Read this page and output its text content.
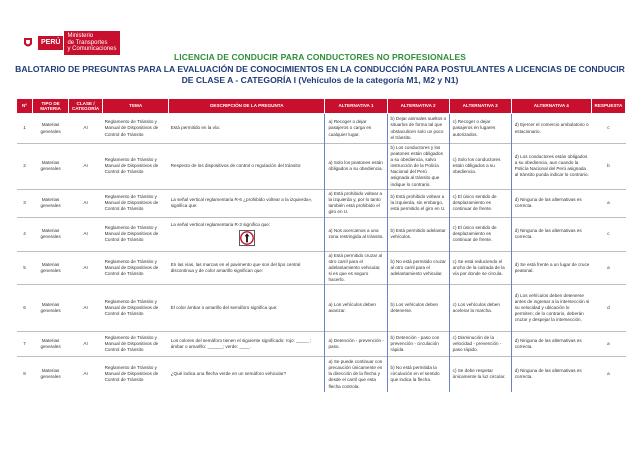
PERÚ
Ministerio
de Transportes
y Comunicaciones
LICENCIA DE CONDUCIR PARA CONDUCTORES NO PROFESIONALES
BALOTARIO DE PREGUNTAS PARA LA EVALUACIÓN DE CONOCIMIENTOS EN LA CONDUCCIÓN PARA POSTULANTES A LICENCIAS DE CONDUCIR
DE CLASE A - CATEGORÍA I (Vehículos de la categoría M1, M2 y N1)
Nº	TIPO DE MATERIA	CLASE / CATEGORÍA	TEMA	DESCRIPCIÓN DE LA PREGUNTA	ALTERNATIVA 1	ALTERNATIVA 2	ALTERNATIVA 3	ALTERNATIVA 4	RESPUESTA

1	Materias generales	AI	Reglamento de Tránsito y Manual de Dispositivos de Control de Tránsito	Está permitido en la vía:	a) Recoger o dejar pasajeros o carga en cualquier lugar.	b) Dejar animales sueltos o situarlos de forma tal que obstaculicen solo un poco el tránsito.	c) Recoger o dejar pasajeros en lugares autorizados.	d) Ejercer el comercio ambulatorio o estacionario.	c

2	Materias generales	AI	Reglamento de Tránsito y Manual de Dispositivos de Control de Tránsito	Respecto de los dispositivos de control o regulación del tránsito:	a) Solo los peatones están obligados a su obediencia.	b) Los conductores y los peatones están obligados a su obediencia, salvo instrucción de la Policía Nacional del Perú asignada al tránsito que indique lo contrario.	c) Solo los conductores están obligados a su obediencia.	d) Los conductores están obligados a su obediencia, aun cuando la Policía Nacional del Perú asignada al tránsito punda indicar lo contrario.	b

3	Materias generales	AI	Reglamento de Tránsito y Manual de Dispositivos de Control de Tránsito	La señal vertical reglamentaria R-6 ¿prohibido voltear a la izquierda», significa que:	a) Está prohibido voltear a la izquierda y, por lo tanto también está prohibido el giro en U.	b) Está prohibido voltear a la izquierda, sin embargo, está permitido el giro en U.	c) El único sentido de desplazamiento es continuar de frente.	d) Ninguna de las alternativas es correcta.	a

4	Materias generales	AI	Reglamento de Tránsito y Manual de Dispositivos de Control de Tránsito	La señal vertical reglamentaria R-3 significa que:	a) Nos acercamos a una zona restringida al tránsito.	b) Está permitido adelantar vehículos.	c) El único sentido de desplazamiento es continuar de frente.	d) Ninguna de las alternativas es correcta.	c

5	Materias generales	AI	Reglamento de Tránsito y Manual de Dispositivos de Control de Tránsito	En las vías, las marcas en el pavimento que son del tipo central discontinua y de color amarillo significan que:	a) Está permitido cruzar al otro carril para el adelantamiento vehicular, si es que es seguro hacerlo.	b) No está permitido cruzar al otro carril para el adelantamiento vehicular.	c) Se está reduciendo el ancho de la calzada de la vía por donde se circula.	d) Se está frente a un lugar de cruce peatonal.	a

6	Materias generales	AI	Reglamento de Tránsito y Manual de Dispositivos de Control de Tránsito	El color ámbar o amarillo del semáforo significa que:	a) Los vehículos deben avanzar.	b) Los vehículos deben detenerse.	c) Los vehículos deben acelerar la marcha.	d) Los vehículos deben detenerse antes de ingresar a la intersección si su velocidad y ubicación lo permiten; de lo contrario, deberán cruzar y despejar la intersección.	d

7	Materias generales	AI	Reglamento de Tránsito y Manual de Dispositivos de Control de Tránsito	Los colores del semáforo tienen el siguiente significado: rojo: _____ ; ámbar o amarillo: ______; verde: ____.	a) Detención - prevención - paso.	b) Detención - paso con prevención - circulación rápida.	c) Disminución de la velocidad - prevención - paso rápido.	d) Ninguna de las alternativas es correcta.	a

8	Materias generales	AI	Reglamento de Tránsito y Manual de Dispositivos de Control de Tránsito	¿Qué indica una flecha verde en un semáforo vehicular?	a) Se puede continuar con precaución únicamente en la dirección de la flecha y desde el carril que esta flecha controla.	b) No está permitida la circulación en el sentido que indica la flecha.	c) Se debe respetar únicamente la luz circular.	d) Ninguna de las alternativas es correcta.	a
